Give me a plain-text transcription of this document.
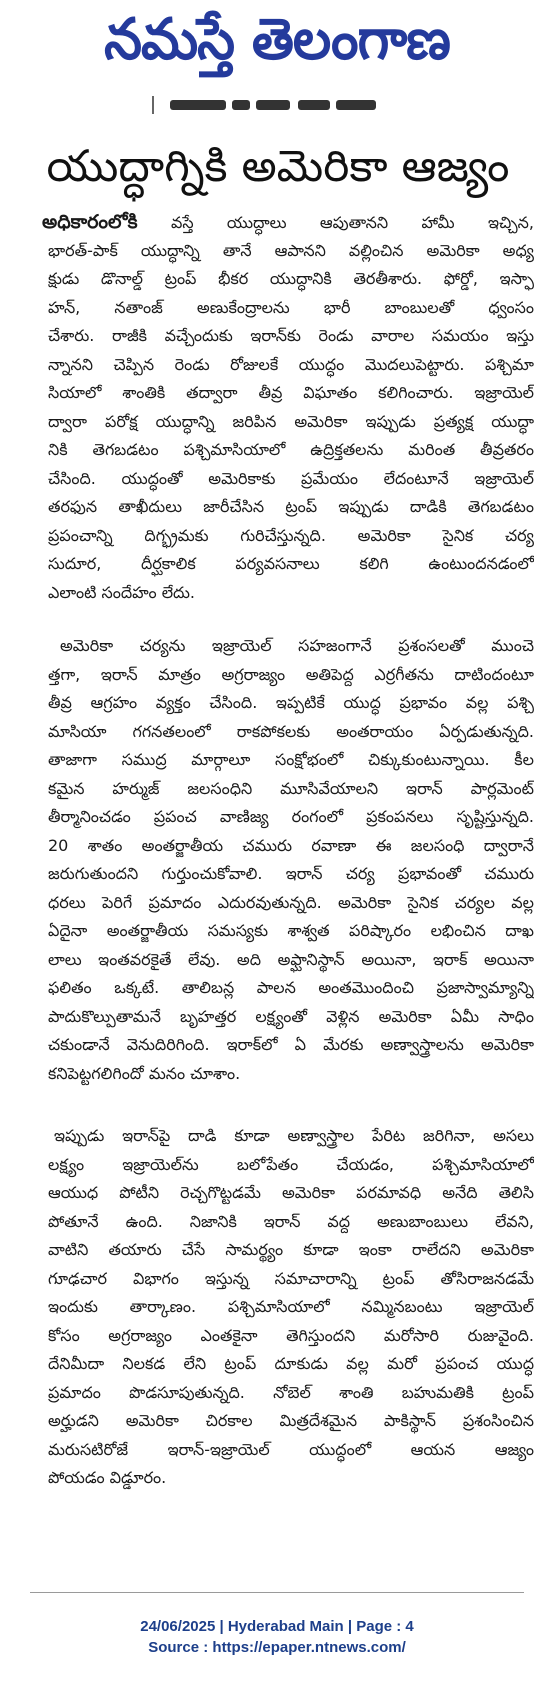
నమస్తే తెలంగాణ
యుద్ధాగ్నికి అమెరికా ఆజ్యం
అధికారంలోకి వస్తే యుద్ధాలు ఆపుతానని హామీ ఇచ్చిన,
భారత్-పాక్ యుద్ధాన్ని తానే ఆపానని వల్లించిన అమెరికా అధ్య
క్షుడు డొనాల్డ్ ట్రంప్ భీకర యుద్ధానికి తెరతీశారు. ఫోర్డో, ఇస్ఫా
హన్, నతాంజ్ అణుకేంద్రాలను భారీ బాంబులతో ధ్వంసం
చేశారు. రాజీకి వచ్చేందుకు ఇరాన్‌కు రెండు వారాల సమయం ఇస్తు
న్నానని చెప్పిన రెండు రోజులకే యుద్ధం మొదలుపెట్టారు. పశ్చిమా
సియాలో శాంతికి తద్వారా తీవ్ర విఘాతం కలిగించారు. ఇజ్రాయెల్
ద్వారా పరోక్ష యుద్ధాన్ని జరిపిన అమెరికా ఇప్పుడు ప్రత్యక్ష యుద్ధా
నికి తెగబడటం పశ్చిమాసియాలో ఉద్రిక్తతలను మరింత తీవ్రతరం
చేసింది. యుద్ధంతో అమెరికాకు ప్రమేయం లేదంటూనే ఇజ్రాయెల్
తరఫున తాఖీదులు జారీచేసిన ట్రంప్ ఇప్పుడు దాడికి తెగబడటం
ప్రపంచాన్ని దిగ్భ్రమకు గురిచేస్తున్నది. అమెరికా సైనిక చర్య
సుదూర, దీర్ఘకాలిక పర్యవసనాలు కలిగి ఉంటుందనడంలో
ఎలాంటి సందేహం లేదు.
అమెరికా చర్యను ఇజ్రాయెల్ సహజంగానే ప్రశంసలతో ముంచె
త్తగా, ఇరాన్ మాత్రం అగ్రరాజ్యం అతిపెద్ద ఎర్రగీతను దాటిందంటూ
తీవ్ర ఆగ్రహం వ్యక్తం చేసింది. ఇప్పటికే యుద్ధ ప్రభావం వల్ల పశ్చి
మాసియా గగనతలంలో రాకపోకలకు అంతరాయం ఏర్పడుతున్నది.
తాజాగా సముద్ర మార్గాలూ సంక్షోభంలో చిక్కుకుంటున్నాయి. కీల
కమైన హర్ముజ్ జలసంధిని మూసివేయాలని ఇరాన్ పార్లమెంట్
తీర్మానించడం ప్రపంచ వాణిజ్య రంగంలో ప్రకంపనలు సృష్టిస్తున్నది.
20 శాతం అంతర్జాతీయ చమురు రవాణా ఈ జలసంధి ద్వారానే
జరుగుతుందని గుర్తుంచుకోవాలి. ఇరాన్ చర్య ప్రభావంతో చమురు
ధరలు పెరిగే ప్రమాదం ఎదురవుతున్నది. అమెరికా సైనిక చర్యల వల్ల
ఏదైనా అంతర్జాతీయ సమస్యకు శాశ్వత పరిష్కారం లభించిన దాఖ
లాలు ఇంతవరకైతే లేవు. అది అఫ్ఘానిస్థాన్ అయినా, ఇరాక్ అయినా
ఫలితం ఒక్కటే. తాలిబన్ల పాలన అంతమొందించి ప్రజాస్వామ్యాన్ని
పాదుకొల్పుతామనే బృహత్తర లక్ష్యంతో వెళ్లిన అమెరికా ఏమీ సాధిం
చకుండానే వెనుదిరిగింది. ఇరాక్‌లో ఏ మేరకు అణ్వాస్త్రాలను అమెరికా
కనిపెట్టగలిగిందో మనం చూశాం.
ఇప్పుడు ఇరాన్‌పై దాడి కూడా అణ్వాస్త్రాల పేరిట జరిగినా, అసలు
లక్ష్యం ఇజ్రాయెల్‌ను బలోపేతం చేయడం, పశ్చిమాసియాలో
ఆయుధ పోటీని రెచ్చగొట్టడమే అమెరికా పరమావధి అనేది తెలిసి
పోతూనే ఉంది. నిజానికి ఇరాన్ వద్ద అణుబాంబులు లేవని,
వాటిని తయారు చేసే సామర్థ్యం కూడా ఇంకా రాలేదని అమెరికా
గూఢచార విభాగం ఇస్తున్న సమాచారాన్ని ట్రంప్ తోసిరాజనడమే
ఇందుకు తార్కాణం. పశ్చిమాసియాలో నమ్మినబంటు ఇజ్రాయెల్
కోసం అగ్రరాజ్యం ఎంతకైనా తెగిస్తుందని మరోసారి రుజువైంది.
దేనిమీదా నిలకడ లేని ట్రంప్ దూకుడు వల్ల మరో ప్రపంచ యుద్ధ
ప్రమాదం పొడసూపుతున్నది. నోబెల్ శాంతి బహుమతికి ట్రంప్
అర్హుడని అమెరికా చిరకాల మిత్రదేశమైన పాకిస్థాన్ ప్రశంసించిన
మరుసటిరోజే ఇరాన్-ఇజ్రాయెల్ యుద్ధంలో ఆయన ఆజ్యం
పోయడం విడ్డూరం.
24/06/2025 | Hyderabad Main | Page : 4
Source : https://epaper.ntnews.com/
